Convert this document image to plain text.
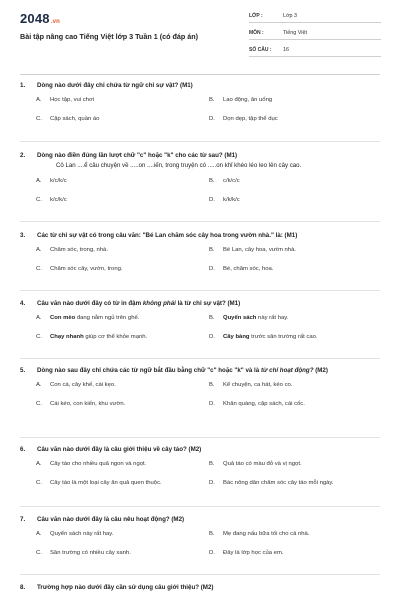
2048.vn
Bài tập nâng cao Tiếng Việt lớp 3 Tuần 1 (có đáp án)
LỚP :	Lớp 3
MÔN :	Tiếng Việt
SỐ CÂU :	16
1.	Dòng nào dưới đây chỉ chứa từ ngữ chỉ sự vật? (M1)
A.	Học tập, vui chơi	B.	Lao động, ăn uống
C.	Cặp sách, quần áo	D.	Dọn dẹp, tập thể dục
2.	Dòng nào điền đúng lần lượt chữ "c" hoặc "k" cho các từ sau? (M1)
Cô Lan ....ể câu chuyện về .....on ....iến, trong truyện có .....on khỉ khéo léo leo lên cây cao.
A.	k/c/k/c	B.	c/k/c/c
C.	k/c/k/c	D.	k/k/k/c
3.	Các từ chỉ sự vật có trong câu văn: "Bé Lan chăm sóc cây hoa trong vườn nhà." là: (M1)
A.	Chăm sóc, trong, nhà.	B.	Bé Lan, cây hoa, vườn nhà.
C.	Chăm sóc cây, vườn, trong.	D.	Bé, chăm sóc, hoa.
4.	Câu văn nào dưới đây có từ in đậm không phải là từ chỉ sự vật? (M1)
A.	Con mèo đang nằm ngủ trên ghế.	B.	Quyển sách này rất hay.
C.	Chạy nhanh giúp cơ thể khỏe mạnh.	D.	Cây bàng trước sân trường rất cao.
5.	Dòng nào sau đây chỉ chứa các từ ngữ bắt đầu bằng chữ "c" hoặc "k" và là từ chỉ hoạt động? (M2)
A.	Con cá, cây khế, cái kẹo.	B.	Kể chuyện, ca hát, kéo co.
C.	Cái kéo, con kiến, khu vườn.	D.	Khăn quàng, cặp sách, cái cốc.
6.	Câu văn nào dưới đây là câu giới thiệu về cây táo? (M2)
A.	Cây táo cho nhiều quả ngon và ngọt.	B.	Quả táo có màu đỏ và vị ngọt.
C.	Cây táo là một loại cây ăn quả quen thuộc.	D.	Bác nông dân chăm sóc cây táo mỗi ngày.
7.	Câu văn nào dưới đây là câu nêu hoạt động? (M2)
A.	Quyển sách này rất hay.	B.	Mẹ đang nấu bữa tối cho cả nhà.
C.	Sân trường có nhiều cây xanh.	D.	Đây là lớp học của em.
8.	Trường hợp nào dưới đây cần sử dụng câu giới thiệu? (M2)
